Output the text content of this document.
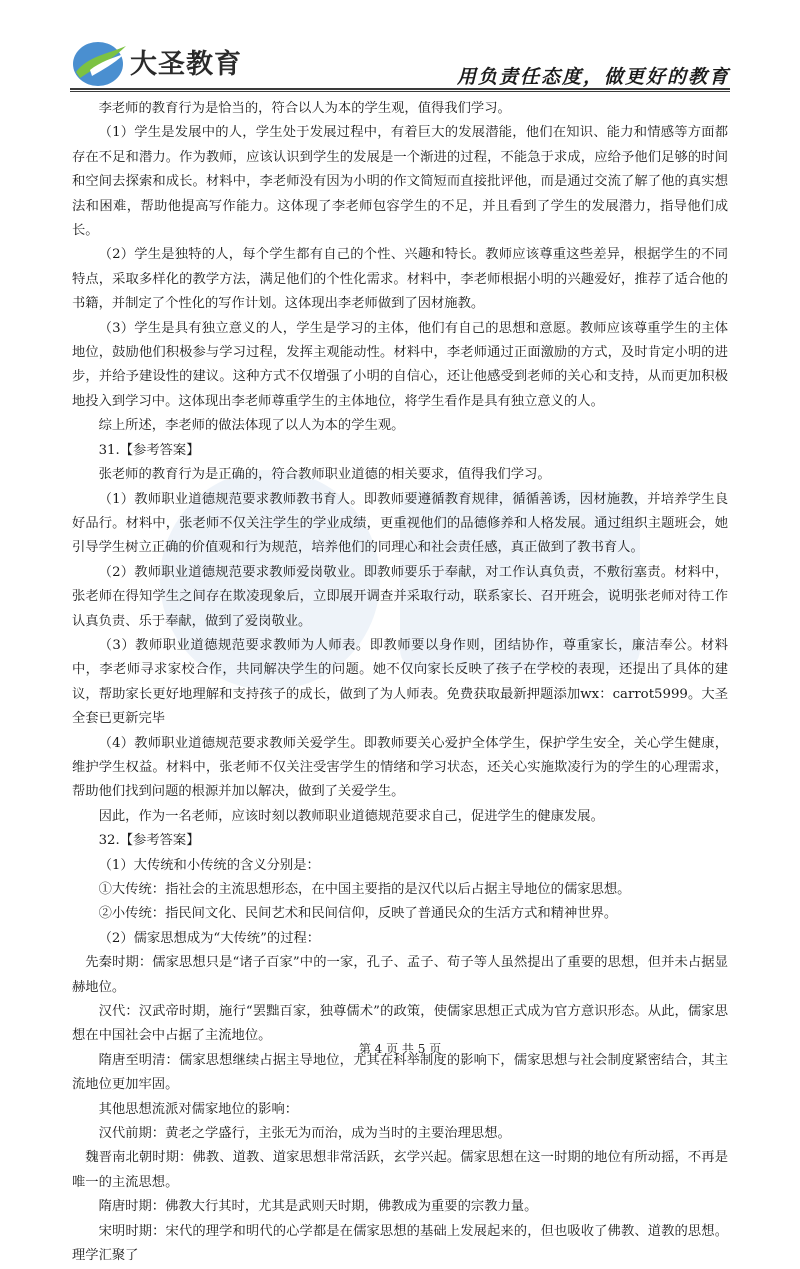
大圣教育	用负责任态度，做更好的教育

李老师的教育行为是恰当的，符合以人为本的学生观，值得我们学习。

（1）学生是发展中的人，学生处于发展过程中，有着巨大的发展潜能，他们在知识、能力和情感等方面都存在不足和潜力。作为教师，应该认识到学生的发展是一个渐进的过程，不能急于求成，应给予他们足够的时间和空间去探索和成长。材料中，李老师没有因为小明的作文简短而直接批评他，而是通过交流了解了他的真实想法和困难，帮助他提高写作能力。这体现了李老师包容学生的不足，并且看到了学生的发展潜力，指导他们成长。

（2）学生是独特的人，每个学生都有自己的个性、兴趣和特长。教师应该尊重这些差异，根据学生的不同特点，采取多样化的教学方法，满足他们的个性化需求。材料中，李老师根据小明的兴趣爱好，推荐了适合他的书籍，并制定了个性化的写作计划。这体现出李老师做到了因材施教。

（3）学生是具有独立意义的人，学生是学习的主体，他们有自己的思想和意愿。教师应该尊重学生的主体地位，鼓励他们积极参与学习过程，发挥主观能动性。材料中，李老师通过正面激励的方式，及时肯定小明的进步，并给予建设性的建议。这种方式不仅增强了小明的自信心，还让他感受到老师的关心和支持，从而更加积极地投入到学习中。这体现出李老师尊重学生的主体地位，将学生看作是具有独立意义的人。

综上所述，李老师的做法体现了以人为本的学生观。

31.【参考答案】

张老师的教育行为是正确的，符合教师职业道德的相关要求，值得我们学习。

（1）教师职业道德规范要求教师教书育人。即教师要遵循教育规律，循循善诱，因材施教，并培养学生良好品行。材料中，张老师不仅关注学生的学业成绩，更重视他们的品德修养和人格发展。通过组织主题班会，她引导学生树立正确的价值观和行为规范，培养他们的同理心和社会责任感，真正做到了教书育人。

（2）教师职业道德规范要求教师爱岗敬业。即教师要乐于奉献，对工作认真负责，不敷衍塞责。材料中，张老师在得知学生之间存在欺凌现象后，立即展开调查并采取行动，联系家长、召开班会，说明张老师对待工作认真负责、乐于奉献，做到了爱岗敬业。

（3）教师职业道德规范要求教师为人师表。即教师要以身作则，团结协作，尊重家长，廉洁奉公。材料中，李老师寻求家校合作，共同解决学生的问题。她不仅向家长反映了孩子在学校的表现，还提出了具体的建议，帮助家长更好地理解和支持孩子的成长，做到了为人师表。免费获取最新押题添加wx：carrot5999。大圣全套已更新完毕

（4）教师职业道德规范要求教师关爱学生。即教师要关心爱护全体学生，保护学生安全，关心学生健康，维护学生权益。材料中，张老师不仅关注受害学生的情绪和学习状态，还关心实施欺凌行为的学生的心理需求，帮助他们找到问题的根源并加以解决，做到了关爱学生。

因此，作为一名老师，应该时刻以教师职业道德规范要求自己，促进学生的健康发展。

32.【参考答案】

（1）大传统和小传统的含义分别是：

①大传统：指社会的主流思想形态，在中国主要指的是汉代以后占据主导地位的儒家思想。

②小传统：指民间文化、民间艺术和民间信仰，反映了普通民众的生活方式和精神世界。

（2）儒家思想成为“大传统”的过程：

先秦时期：儒家思想只是“诸子百家”中的一家，孔子、孟子、荀子等人虽然提出了重要的思想，但并未占据显赫地位。

汉代：汉武帝时期，施行“罢黜百家，独尊儒术”的政策，使儒家思想正式成为官方意识形态。从此，儒家思想在中国社会中占据了主流地位。

隋唐至明清：儒家思想继续占据主导地位，尤其在科举制度的影响下，儒家思想与社会制度紧密结合，其主流地位更加牢固。

其他思想流派对儒家地位的影响：

汉代前期：黄老之学盛行，主张无为而治，成为当时的主要治理思想。

魏晋南北朝时期：佛教、道教、道家思想非常活跃，玄学兴起。儒家思想在这一时期的地位有所动摇，不再是唯一的主流思想。

隋唐时期：佛教大行其时，尤其是武则天时期，佛教成为重要的宗教力量。

宋明时期：宋代的理学和明代的心学都是在儒家思想的基础上发展起来的，但也吸收了佛教、道教的思想。理学汇聚了

第 4 页 共 5 页
